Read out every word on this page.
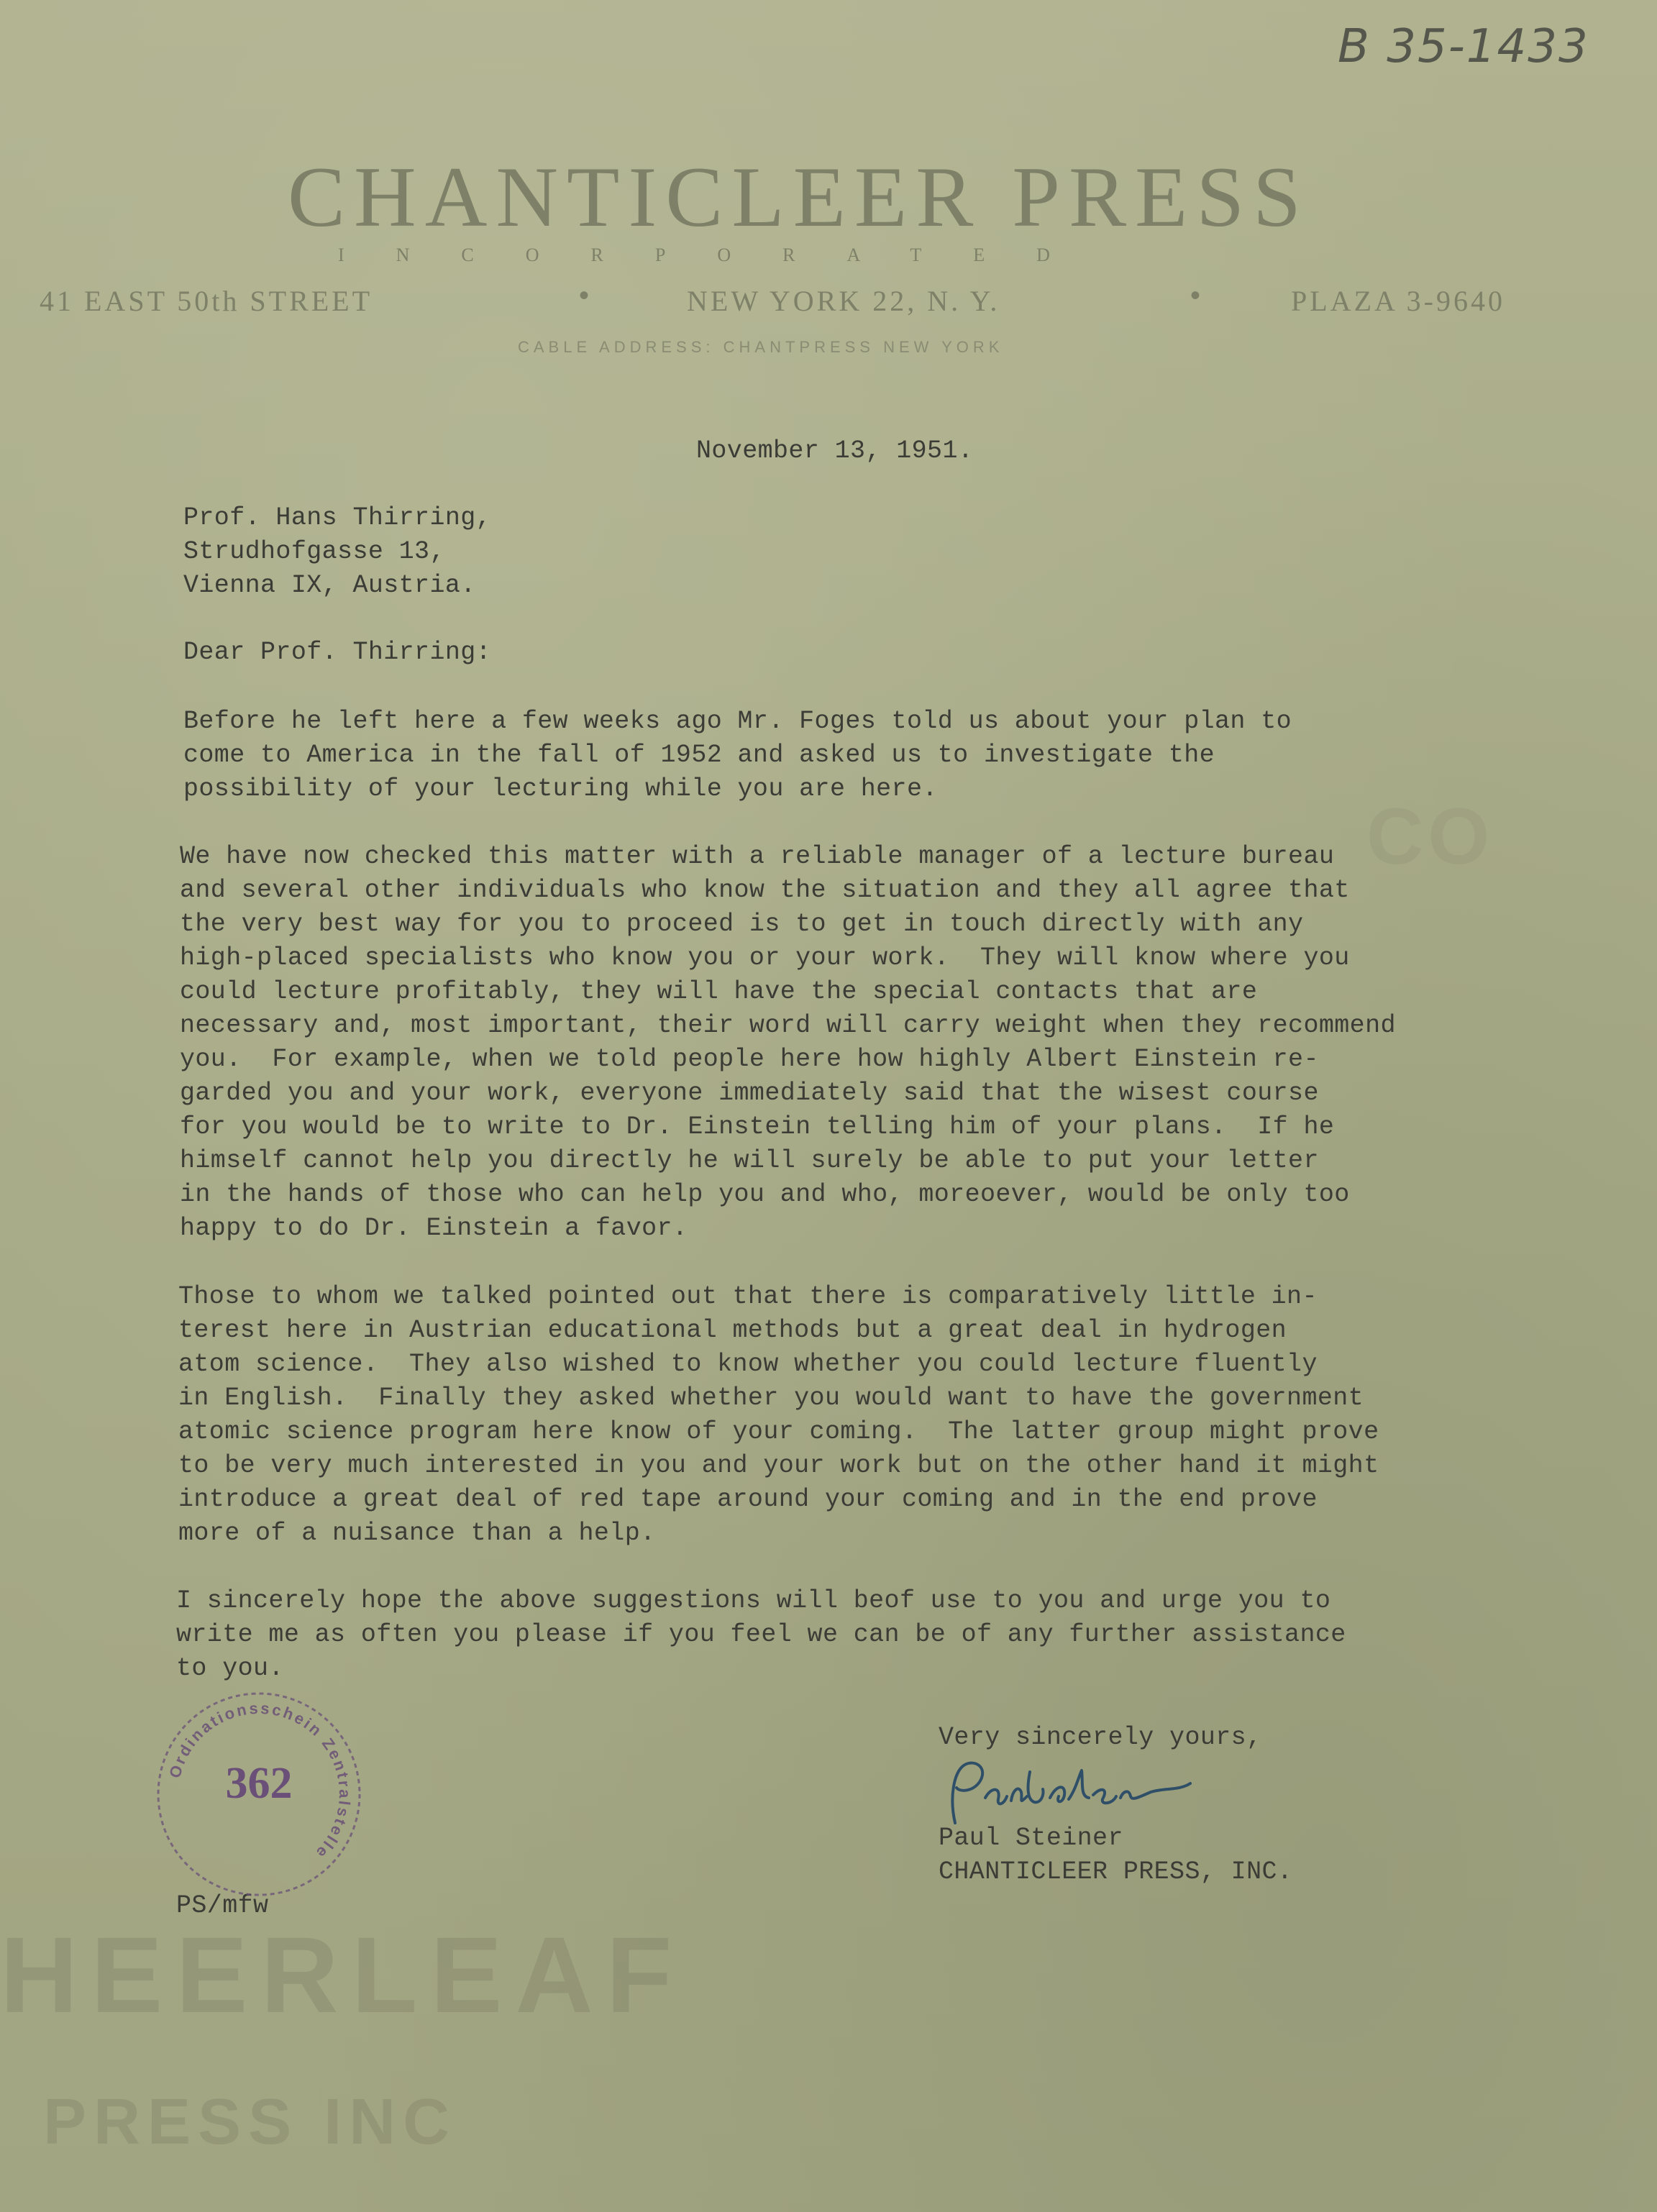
B 35-1433
HEERLEAF
PRESS INC
CO
CHANTICLEER PRESS
INCORPORATED
41 EAST 50th STREET	•	NEW YORK 22, N. Y.	•	PLAZA 3-9640
CABLE ADDRESS: CHANTPRESS NEW YORK
November 13, 1951.
Prof. Hans Thirring,
Strudhofgasse 13,
Vienna IX, Austria.
Dear Prof. Thirring:
Before he left here a few weeks ago Mr. Foges told us about your plan to
come to America in the fall of 1952 and asked us to investigate the
possibility of your lecturing while you are here.
We have now checked this matter with a reliable manager of a lecture bureau
and several other individuals who know the situation and they all agree that
the very best way for you to proceed is to get in touch directly with any
high-placed specialists who know you or your work.  They will know where you
could lecture profitably, they will have the special contacts that are
necessary and, most important, their word will carry weight when they recommend
you.  For example, when we told people here how highly Albert Einstein re-
garded you and your work, everyone immediately said that the wisest course
for you would be to write to Dr. Einstein telling him of your plans.  If he
himself cannot help you directly he will surely be able to put your letter
in the hands of those who can help you and who, moreoever, would be only too
happy to do Dr. Einstein a favor.
Those to whom we talked pointed out that there is comparatively little in-
terest here in Austrian educational methods but a great deal in hydrogen
atom science.  They also wished to know whether you could lecture fluently
in English.  Finally they asked whether you would want to have the government
atomic science program here know of your coming.  The latter group might prove
to be very much interested in you and your work but on the other hand it might
introduce a great deal of red tape around your coming and in the end prove
more of a nuisance than a help.
I sincerely hope the above suggestions will beof use to you and urge you to
write me as often you please if you feel we can be of any further assistance
to you.
Very sincerely yours,
Paul Steiner
CHANTICLEER PRESS, INC.
PS/mfw
Ordinationsschein Zentralstelle
362
